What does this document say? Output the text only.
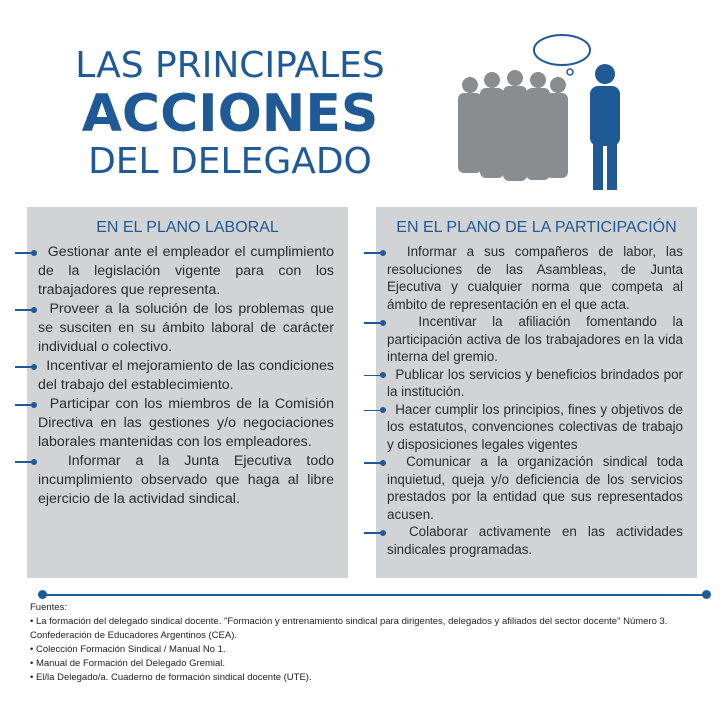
LAS PRINCIPALES
ACCIONES
DEL DELEGADO
EN EL PLANO LABORAL
Gestionar ante el empleador el cumplimiento de la legislación vigente para con los trabajadores que representa.
Proveer a la solución de los problemas que se susciten en su ámbito laboral de carácter individual o colectivo.
Incentivar el mejoramiento de las condiciones del trabajo del establecimiento.
Participar con los miembros de la Comisión Directiva en las gestiones y/o negociaciones laborales mantenidas con los empleadores.
Informar a la Junta Ejecutiva todo incumplimiento observado que haga al libre ejercicio de la actividad sindical.
EN EL PLANO DE LA PARTICIPACIÓN
Informar a sus compañeros de labor, las resoluciones de las Asambleas, de Junta Ejecutiva y cualquier norma que competa al ámbito de representación en el que acta.
Incentivar la afiliación fomentando la participación activa de los trabajadores en la vida interna del gremio.
Publicar los servicios y beneficios brindados por la institución.
Hacer cumplir los principios, fines y objetivos de los estatutos, convenciones colectivas de trabajo y disposiciones legales vigentes
Comunicar a la organización sindical toda inquietud, queja y/o deficiencia de los servicios prestados por la entidad que sus representados acusen.
Colaborar activamente en las actividades sindicales programadas.
Fuentes:
• La formación del delegado sindical docente. "Formación y entrenamiento sindical para dirigentes, delegados y afiliados del sector docente" Número 3. Confederación de Educadores Argentinos (CEA).
• Colección Formación Sindical / Manual No 1.
• Manual de Formación del Delegado Gremial.
• El/la Delegado/a. Cuaderno de formación sindical docente (UTE).
